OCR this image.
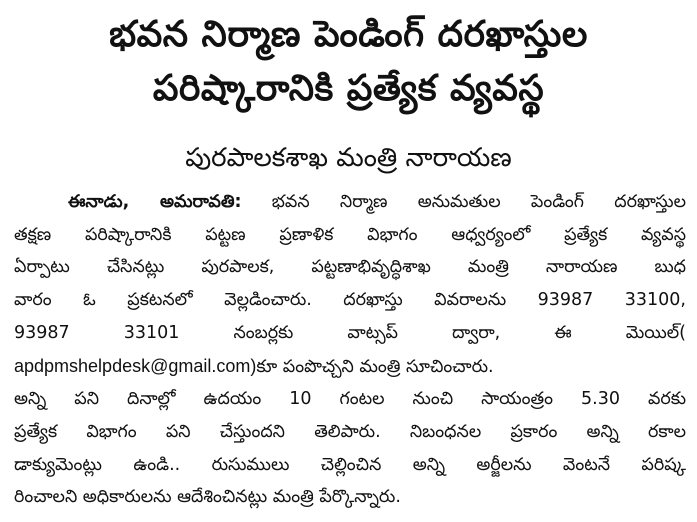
భవన నిర్మాణ పెండింగ్ దరఖాస్తుల
పరిష్కారానికి ప్రత్యేక వ్యవస్థ
పురపాలకశాఖ మంత్రి నారాయణ
ఈనాడు, అమరావతి: భవన నిర్మాణ అనుమతుల పెండింగ్ దరఖాస్తుల
తక్షణ పరిష్కారానికి పట్టణ ప్రణాళిక విభాగం ఆధ్వర్యంలో ప్రత్యేక వ్యవస్థ
ఏర్పాటు చేసినట్లు పురపాలక, పట్టణాభివృద్ధిశాఖ మంత్రి నారాయణ బుధ
వారం ఓ ప్రకటనలో వెల్లడించారు. దరఖాస్తు వివరాలను 93987 33100,
93987 33101 నంబర్లకు వాట్సప్ ద్వారా, ఈ మెయిల్(
apdpmshelpdesk@gmail.com)కూ పంపొచ్చని మంత్రి సూచించారు.
అన్ని పని దినాల్లో ఉదయం 10 గంటల నుంచి సాయంత్రం 5.30 వరకు
ప్రత్యేక విభాగం పని చేస్తుందని తెలిపారు. నిబంధనల ప్రకారం అన్ని రకాల
డాక్యుమెంట్లు ఉండి.. రుసుములు చెల్లించిన అన్ని అర్జీలను వెంటనే పరిష్క
రించాలని అధికారులను ఆదేశించినట్లు మంత్రి పేర్కొన్నారు.
